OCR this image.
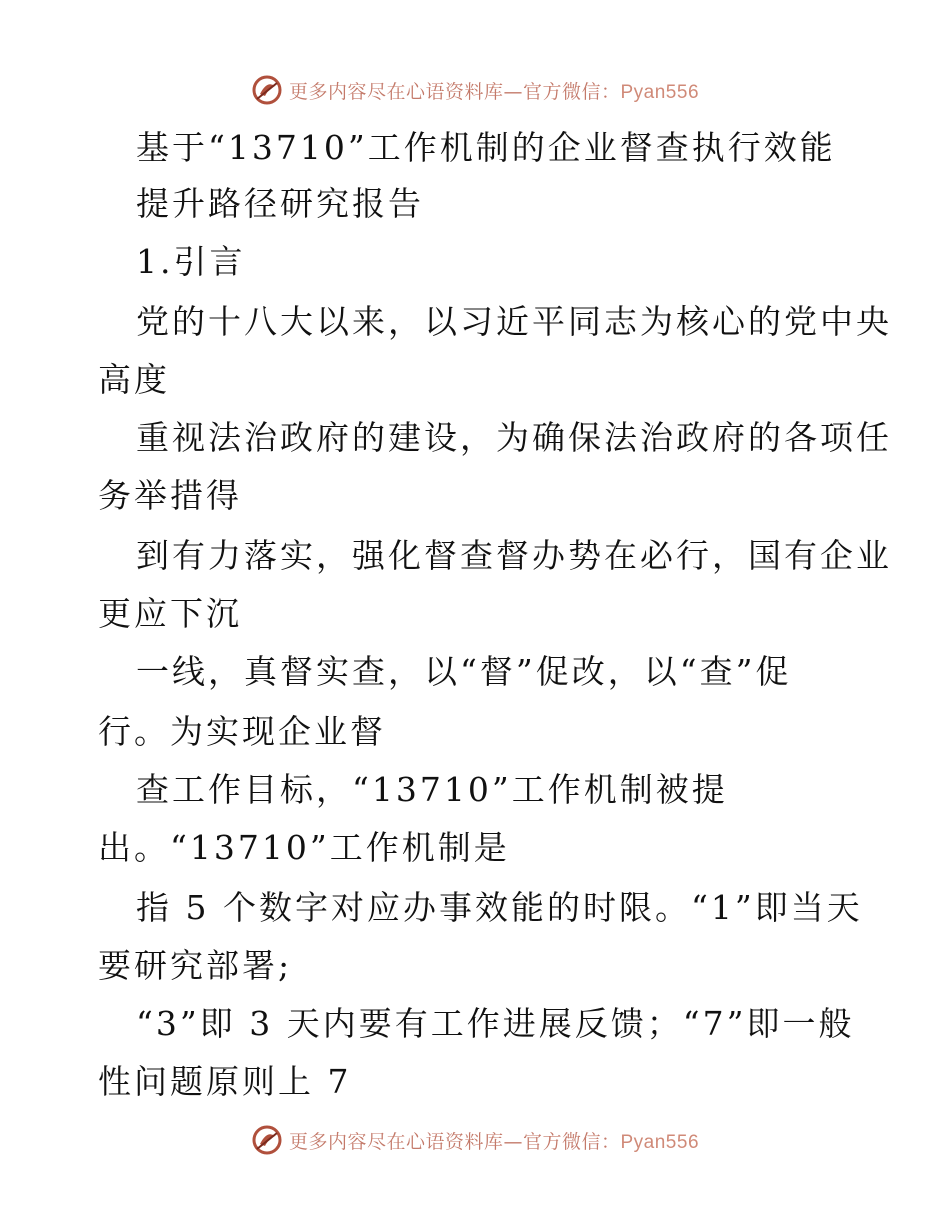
更多内容尽在心语资料库—官方微信：Pyan556
基于“13710”工作机制的企业督查执行效能
提升路径研究报告
1.引言
党的十八大以来，以习近平同志为核心的党中央
高度
重视法治政府的建设，为确保法治政府的各项任
务举措得
到有力落实，强化督查督办势在必行，国有企业
更应下沉
一线，真督实查，以“督”促改，以“查”促
行。为实现企业督
查工作目标，“13710”工作机制被提
出。“13710”工作机制是
指 5 个数字对应办事效能的时限。“1”即当天
要研究部署;
“3”即 3 天内要有工作进展反馈；“7”即一般
性问题原则上 7
更多内容尽在心语资料库—官方微信：Pyan556
